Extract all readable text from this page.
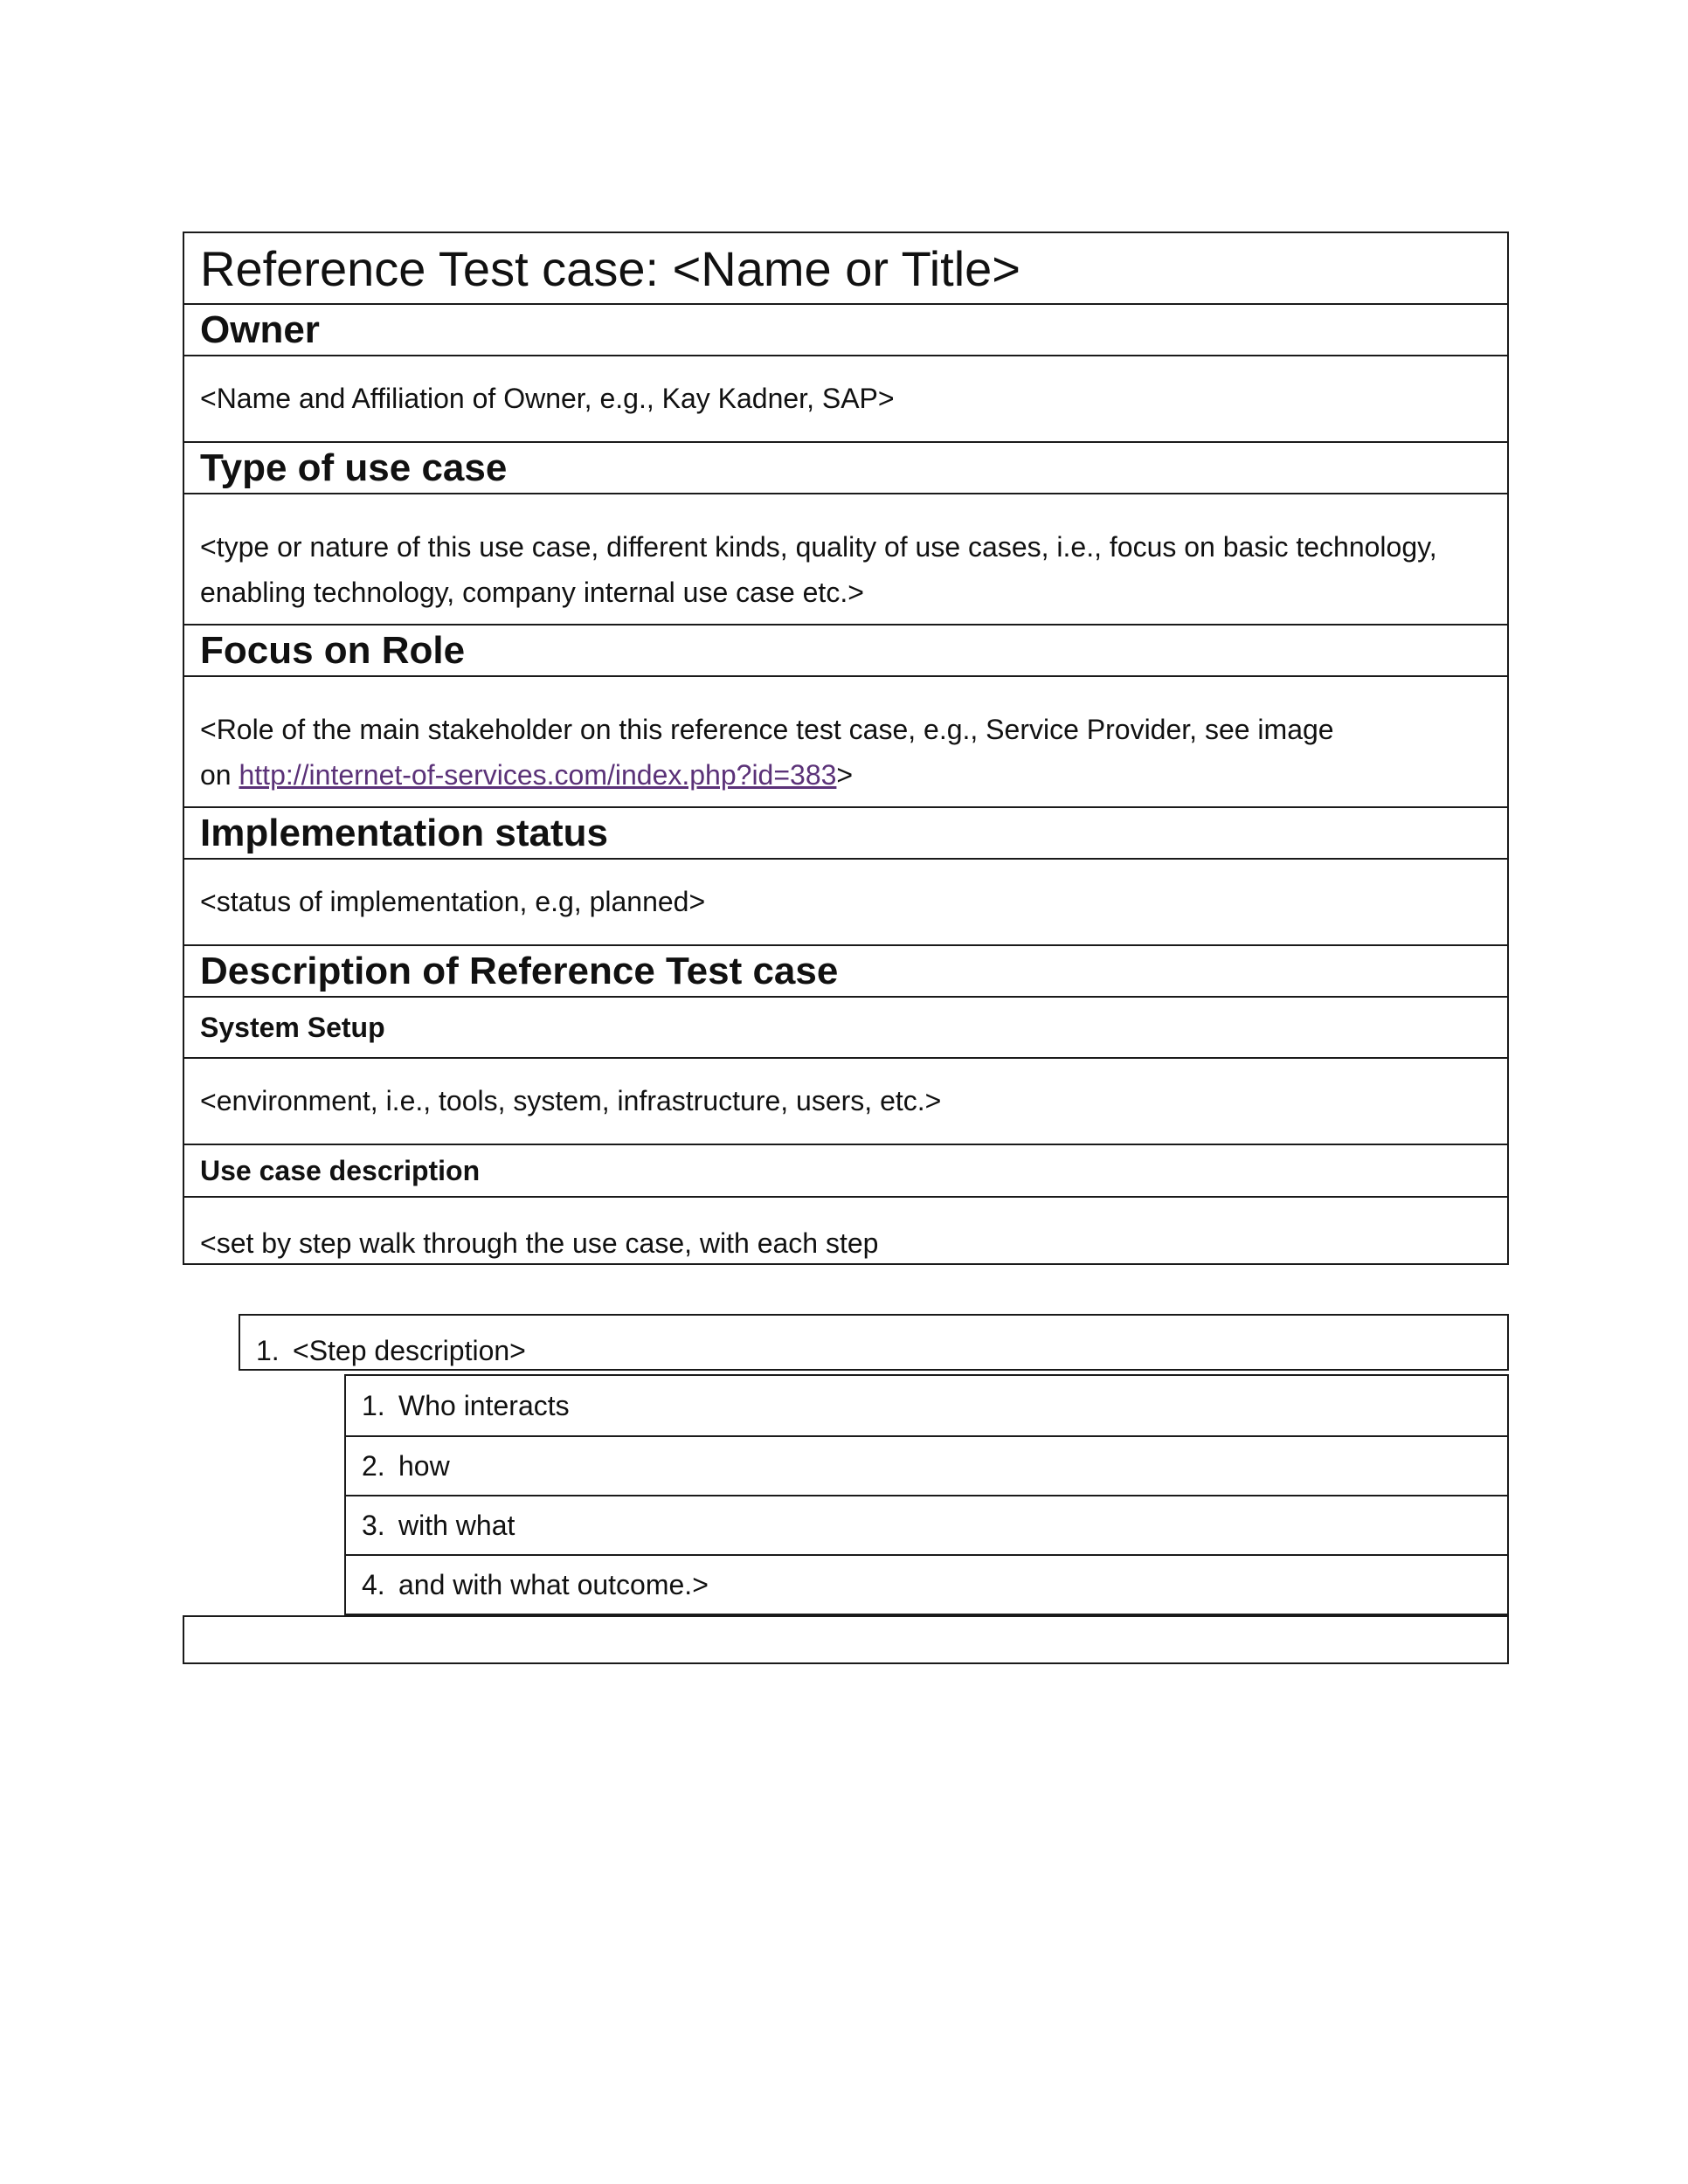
Reference Test case: <Name or Title>
Owner
<Name and Affiliation of Owner, e.g., Kay Kadner, SAP>
Type of use case
<type or nature of this use case, different kinds, quality of use cases, i.e., focus on basic technology,
enabling technology, company internal use case etc.>
Focus on Role
<Role of the main stakeholder on this reference test case, e.g., Service Provider, see image
on http://internet-of-services.com/index.php?id=383>
Implementation status
<status of implementation, e.g, planned>
Description of Reference Test case
System Setup
<environment, i.e., tools, system, infrastructure, users, etc.>
Use case description
<set by step walk through the use case, with each step
1. <Step description>
1. Who interacts
2. how
3. with what
4. and with what outcome.>
